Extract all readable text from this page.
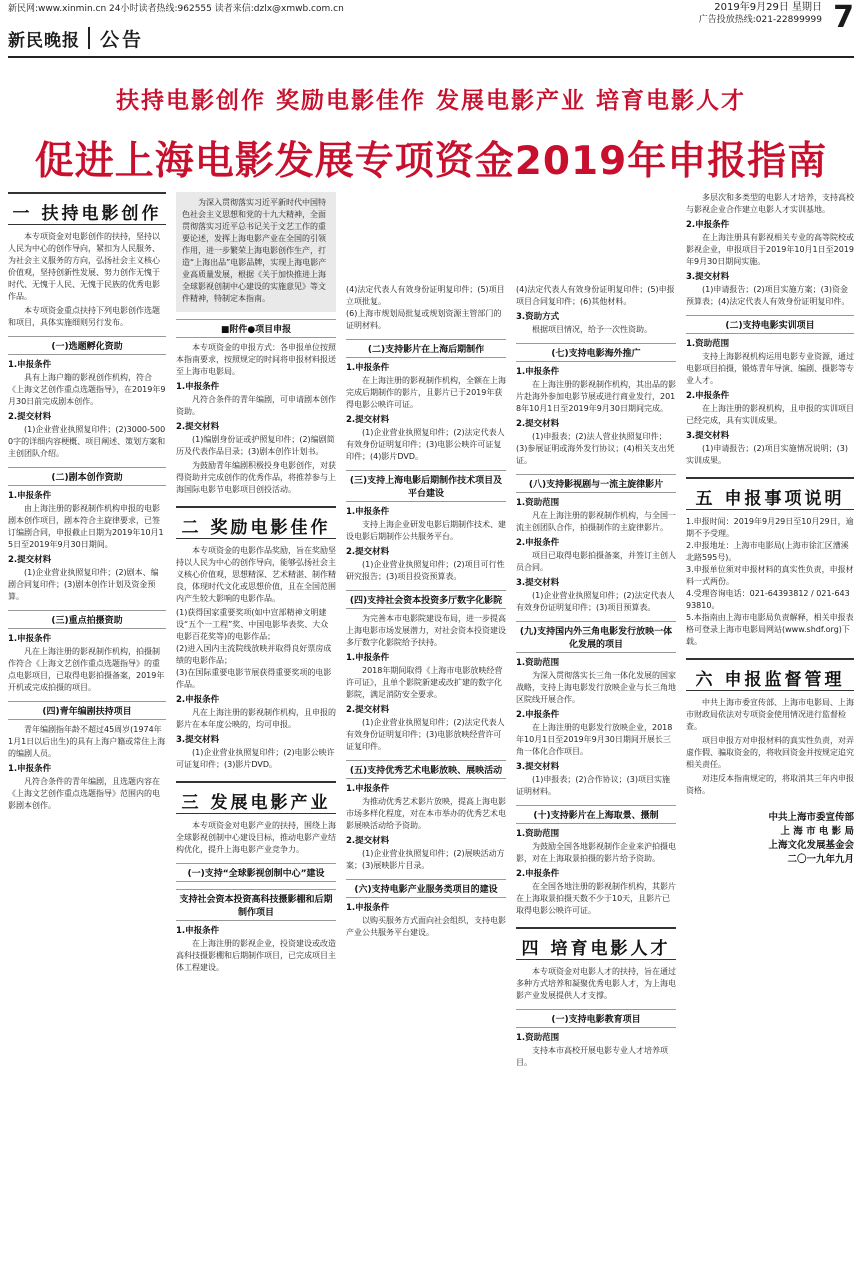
新民网:www.xinmin.cn 24小时读者热线:962555 读者来信:dzlx@xmwb.com.cn	2019年9月29日 星期日
广告投放热线:021-22899999 7
新民晚报 公告
扶持电影创作 奖励电影佳作 发展电影产业 培育电影人才
促进上海电影发展专项资金2019年申报指南
一 扶持电影创作

本专项资金对电影创作的扶持，坚持以人民为中心的创作导向，紧扣为人民服务、为社会主义服务的方向，弘扬社会主义核心价值观，坚持创新性发展、努力创作无愧于时代、无愧于人民、无愧于民族的优秀电影作品。

本专项资金重点扶持下列电影创作选题和项目，具体实施细则另行发布。

(一)选题孵化资助
1.申报条件

具有上海户籍的影视创作机构，符合《上海文艺创作重点选题指导》，在2019年9月30日前完成剧本创作。

2.提交材料

(1)企业营业执照复印件；(2)3000-5000字的详细内容梗概、项目阐述、策划方案和主创团队介绍。

(二)剧本创作资助
1.申报条件

由上海注册的影视制作机构申报的电影剧本创作项目，剧本符合主旋律要求，已签订编剧合同，申报截止日期为2019年10月15日至2019年9月30日期间。

2.提交材料

(1)企业营业执照复印件；(2)剧本、编剧合同复印件；(3)剧本创作计划及资金预算。

(三)重点拍摄资助
1.申报条件

凡在上海注册的影视制作机构，拍摄制作符合《上海文艺创作重点选题指导》的重点电影项目，已取得电影拍摄备案，2019年开机或完成拍摄的项目。

(四)青年编剧扶持项目

青年编剧指年龄不超过45周岁(1974年1月1日以后出生)的具有上海户籍或常住上海的编剧人员。

1.申报条件

凡符合条件的青年编剧，且选题内容在《上海文艺创作重点选题指导》范围内的电影剧本创作。

为深入贯彻落实习近平新时代中国特色社会主义思想和党的十九大精神，全面贯彻落实习近平总书记关于文艺工作的重要论述，发挥上海电影产业在全国的引领作用，进一步繁荣上海电影创作生产，打造“上海出品”电影品牌，实现上海电影产业高质量发展，根据《关于加快推进上海全球影视创制中心建设的实施意见》等文件精神，特制定本指南。

■附件●项目申报

本专项资金的申报方式：各申报单位按照本指南要求，按照规定的时间将申报材料报送至上海市电影局。

1.申报条件

凡符合条件的青年编剧，可申请剧本创作资助。

2.提交材料

(1)编剧身份证或护照复印件；(2)编剧简历及代表作品目录；(3)剧本创作计划书。

为鼓励青年编剧积极投身电影创作，对获得资助并完成创作的优秀作品，将推荐参与上海国际电影节电影项目创投活动。

二 奖励电影佳作

本专项资金的电影作品奖励，旨在奖励坚持以人民为中心的创作导向，能够弘扬社会主义核心价值观，思想精深、艺术精湛、制作精良，体现时代文化或思想价值，且在全国范围内产生较大影响的电影作品。

(1)获得国家重要奖项(如中宣部精神文明建设“五个一工程”奖、中国电影华表奖、大众电影百花奖等)的电影作品；

(2)进入国内主流院线放映并取得良好票房成绩的电影作品；

(3)在国际重要电影节展获得重要奖项的电影作品。

2.申报条件

凡在上海注册的影视制作机构，且申报的影片在本年度公映的，均可申报。

3.提交材料

(1)企业营业执照复印件；(2)电影公映许可证复印件；(3)影片DVD。

三 发展电影产业

本专项资金对电影产业的扶持，围绕上海全球影视创制中心建设目标，推动电影产业结构优化，提升上海电影产业竞争力。

(一)支持“全球影视创制中心”建设
支持社会资本投资高科技摄影棚和后期制作项目
1.申报条件

在上海注册的影视企业，投资建设或改造高科技摄影棚和后期制作项目，已完成项目主体工程建设。

(4)法定代表人有效身份证明复印件；(5)项目立项批复。

(6)上海市规划局批复或规划资源主管部门的证明材料。

(二)支持影片在上海后期制作
1.申报条件

在上海注册的影视制作机构，全额在上海完成后期制作的影片，且影片已于2019年获得电影公映许可证。

2.提交材料

(1)企业营业执照复印件；(2)法定代表人有效身份证明复印件；(3)电影公映许可证复印件；(4)影片DVD。

(三)支持上海电影后期制作技术项目及平台建设
1.申报条件

支持上海企业研发电影后期制作技术、建设电影后期制作公共服务平台。

2.提交材料

(1)企业营业执照复印件；(2)项目可行性研究报告；(3)项目投资预算表。

(四)支持社会资本投资多厅数字化影院

为完善本市电影院建设布局，进一步提高上海电影市场发展潜力，对社会资本投资建设多厅数字化影院给予扶持。

1.申报条件

2018年期间取得《上海市电影放映经营许可证》，且单个影院新建或改扩建的数字化影院，满足消防安全要求。

2.提交材料

(1)企业营业执照复印件；(2)法定代表人有效身份证明复印件；(3)电影放映经营许可证复印件。

(五)支持优秀艺术电影放映、展映活动
1.申报条件

为推动优秀艺术影片放映，提高上海电影市场多样化程度，对在本市举办的优秀艺术电影展映活动给予资助。

2.提交材料

(1)企业营业执照复印件；(2)展映活动方案；(3)展映影片目录。

(六)支持电影产业服务类项目的建设
1.申报条件

以购买服务方式面向社会组织，支持电影产业公共服务平台建设。

(4)法定代表人有效身份证明复印件；(5)申报项目合同复印件；(6)其他材料。

3.资助方式

根据项目情况，给予一次性资助。

(七)支持电影海外推广
1.申报条件

在上海注册的影视制作机构，其出品的影片赴海外参加电影节展或进行商业发行，2018年10月1日至2019年9月30日期间完成。

2.提交材料

(1)申报表；(2)法人营业执照复印件；(3)参展证明或海外发行协议；(4)相关支出凭证。

(八)支持影视剧与一流主旋律影片
1.资助范围

凡在上海注册的影视制作机构，与全国一流主创团队合作，拍摄制作的主旋律影片。

2.申报条件

项目已取得电影拍摄备案，并签订主创人员合同。

3.提交材料

(1)企业营业执照复印件；(2)法定代表人有效身份证明复印件；(3)项目预算表。

(九)支持国内外三角电影发行放映一体化发展的项目
1.资助范围

为深入贯彻落实长三角一体化发展的国家战略，支持上海电影发行放映企业与长三角地区院线开展合作。

2.申报条件

在上海注册的电影发行放映企业，2018年10月1日至2019年9月30日期间开展长三角一体化合作项目。

3.提交材料

(1)申报表；(2)合作协议；(3)项目实施证明材料。

(十)支持影片在上海取景、摄制
1.资助范围

为鼓励全国各地影视制作企业来沪拍摄电影，对在上海取景拍摄的影片给予资助。

2.申报条件

在全国各地注册的影视制作机构，其影片在上海取景拍摄天数不少于10天，且影片已取得电影公映许可证。

四 培育电影人才

本专项资金对电影人才的扶持，旨在通过多种方式培养和凝聚优秀电影人才，为上海电影产业发展提供人才支撑。

(一)支持电影教育项目
1.资助范围

支持本市高校开展电影专业人才培养项目。

多层次和多类型的电影人才培养，支持高校与影视企业合作建立电影人才实训基地。

2.申报条件

在上海注册具有影视相关专业的高等院校或影视企业，申报项目于2019年10月1日至2019年9月30日期间实施。

3.提交材料

(1)申请报告；(2)项目实施方案；(3)资金预算表；(4)法定代表人有效身份证明复印件。

(二)支持电影实训项目
1.资助范围

支持上海影视机构运用电影专业资源，通过电影项目拍摄，锻炼青年导演、编剧、摄影等专业人才。

2.申报条件

在上海注册的影视机构，且申报的实训项目已经完成，具有实训成果。

3.提交材料

(1)申请报告；(2)项目实施情况说明；(3)实训成果。

五 申报事项说明

1.申报时间：2019年9月29日至10月29日，逾期不予受理。

2.申报地址：上海市电影局(上海市徐汇区漕溪北路595号)。

3.申报单位须对申报材料的真实性负责，申报材料一式两份。

4.受理咨询电话：021-64393812 / 021-64393810。

5.本指南由上海市电影局负责解释，相关申报表格可登录上海市电影局网站(www.shdf.org)下载。

六 申报监督管理

中共上海市委宣传部、上海市电影局、上海市财政局依法对专项资金使用情况进行监督检查。

项目申报方对申报材料的真实性负责，对弄虚作假、骗取资金的，将收回资金并按规定追究相关责任。

对违反本指南规定的，将取消其三年内申报资格。

中共上海市委宣传部
上 海 市 电 影 局
上海文化发展基金会
二〇一九年九月
